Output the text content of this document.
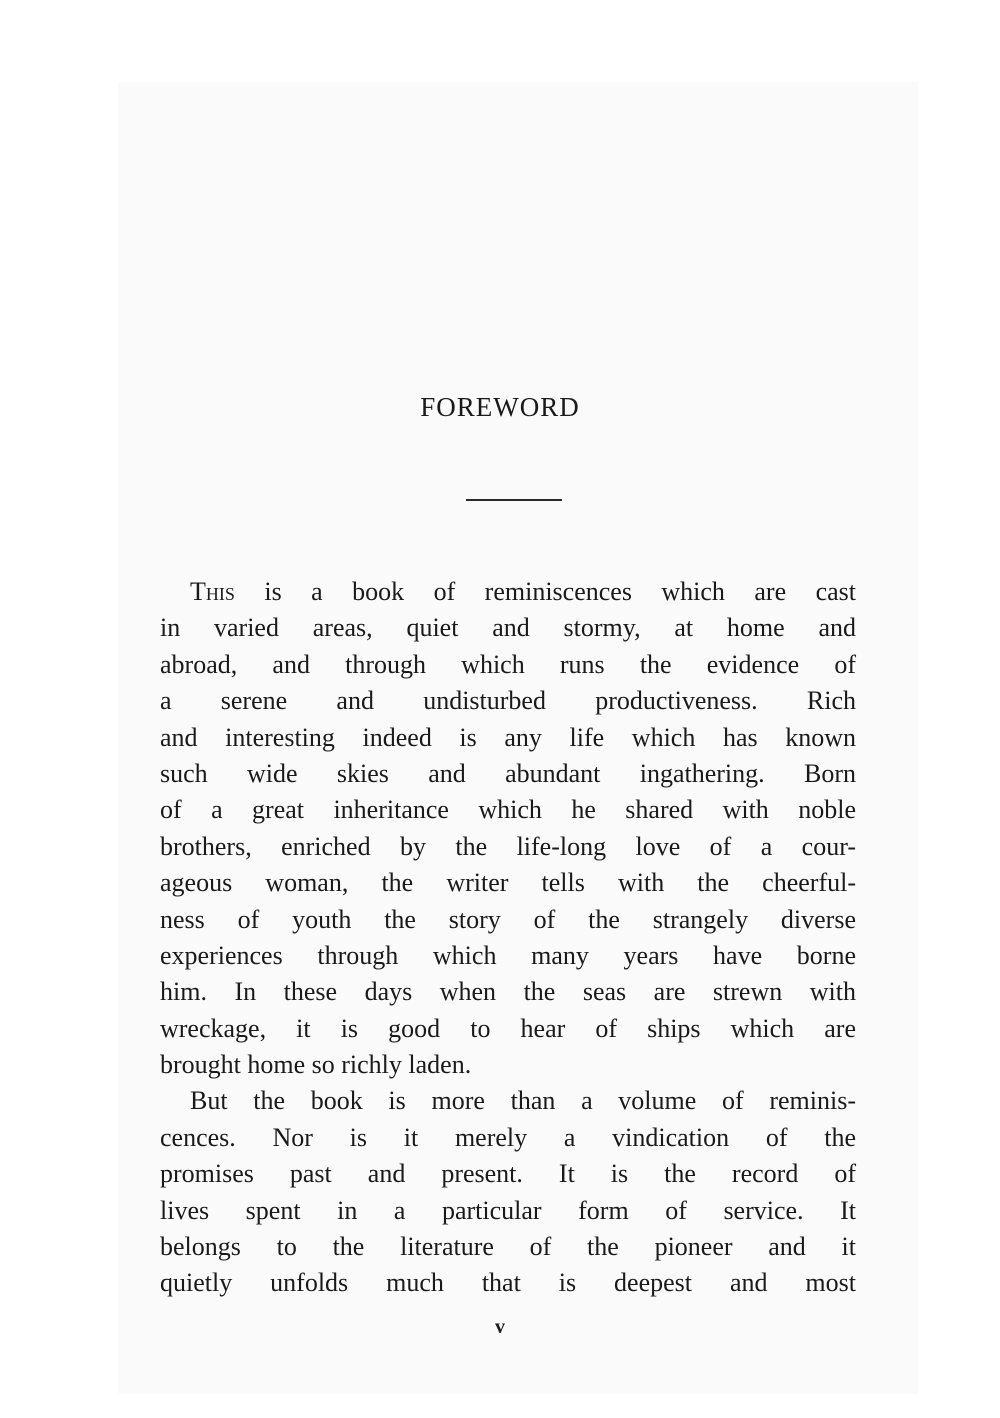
FOREWORD
This is a book of reminiscences which are cast
in varied areas, quiet and stormy, at home and
abroad, and through which runs the evidence of
a serene and undisturbed productiveness. Rich
and interesting indeed is any life which has known
such wide skies and abundant ingathering. Born
of a great inheritance which he shared with noble
brothers, enriched by the life-long love of a cour-
ageous woman, the writer tells with the cheerful-
ness of youth the story of the strangely diverse
experiences through which many years have borne
him. In these days when the seas are strewn with
wreckage, it is good to hear of ships which are
brought home so richly laden.
But the book is more than a volume of reminis-
cences. Nor is it merely a vindication of the
promises past and present. It is the record of
lives spent in a particular form of service. It
belongs to the literature of the pioneer and it
quietly unfolds much that is deepest and most
v
